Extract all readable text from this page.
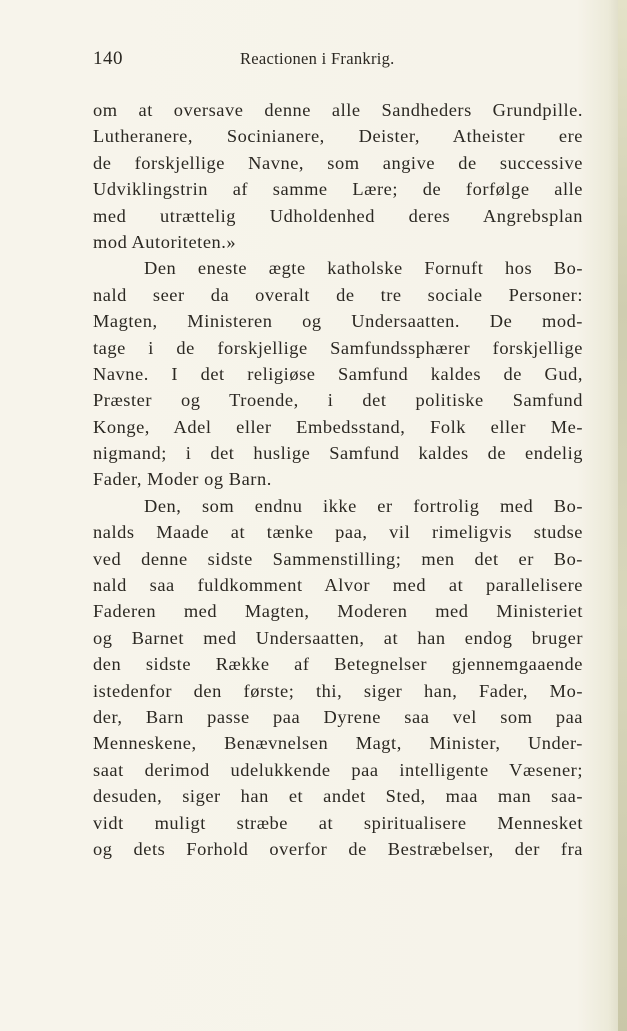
140	Reactionen i Frankrig.
om at oversave denne alle Sandheders Grundpille.
Lutheranere, Socinianere, Deister, Atheister ere
de forskjellige Navne, som angive de successive
Udviklingstrin af samme Lære; de forfølge alle
med utrættelig Udholdenhed deres Angrebsplan
mod Autoriteten.»
Den eneste ægte katholske Fornuft hos Bo-
nald seer da overalt de tre sociale Personer:
Magten, Ministeren og Undersaatten. De mod-
tage i de forskjellige Samfundssphærer forskjellige
Navne. I det religiøse Samfund kaldes de Gud,
Præster og Troende, i det politiske Samfund
Konge, Adel eller Embedsstand, Folk eller Me-
nigmand; i det huslige Samfund kaldes de endelig
Fader, Moder og Barn.
Den, som endnu ikke er fortrolig med Bo-
nalds Maade at tænke paa, vil rimeligvis studse
ved denne sidste Sammenstilling; men det er Bo-
nald saa fuldkomment Alvor med at parallelisere
Faderen med Magten, Moderen med Ministeriet
og Barnet med Undersaatten, at han endog bruger
den sidste Række af Betegnelser gjennemgaaende
istedenfor den første; thi, siger han, Fader, Mo-
der, Barn passe paa Dyrene saa vel som paa
Menneskene, Benævnelsen Magt, Minister, Under-
saat derimod udelukkende paa intelligente Væsener;
desuden, siger han et andet Sted, maa man saa-
vidt muligt stræbe at spiritualisere Mennesket
og dets Forhold overfor de Bestræbelser, der fra
